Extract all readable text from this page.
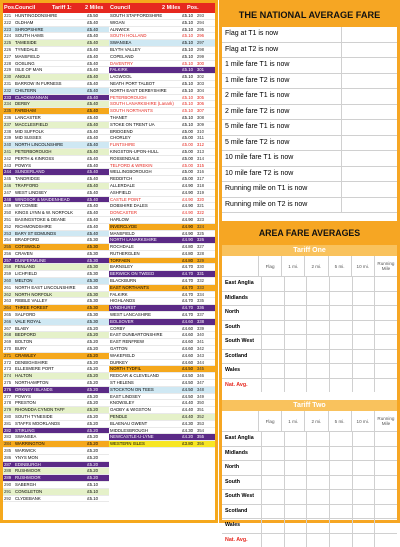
Pos. Council	Tariff 1:	2 Miles	Council	2 Miles	Pos.
221 HUNTINGDONSHIRE	£5.50
222 OLDHAM	£5.40
223 SHROPSHIRE	£5.40
224 SOUTH HAMS	£5.40
225 TAMESIDE	£5.40
226 TYNEDALE	£5.40
227 MANSFIELD	£5.40
228 GOSLING	£5.40
229 ISLE OF MAN	£5.40
230 ANGUS	£5.40
231 BARROW IN FURNESS	£5.40
232 CHILTERN	£5.40
233 CLACKMANNAN	£5.40
234 DERBY	£5.40
235 FAREHAM	£5.40
236 LANCASTER	£5.40
237 MACCLESFIELD	£5.40
238 MID SUFFOLK	£5.40
239 MID SUSSEX	£5.40
240 NORTH LINCOLNSHIRE	£5.40
241 PETERBOROUGH	£5.40
242 PERTH & KINROSS	£5.40
243 POWYS	£5.40
244 SUNDERLAND	£5.40
245 TANDRIDGE	£5.40
246 TRAFFORD	£5.40
247 WEST LINDSEY	£5.40
248 WINDSOR & MAIDENHEAD	£5.40
249 WYCOMBE	£5.40
250 KINGS LYNN & W. NORFOLK	£5.40
251 BASINGSTOKE & DEANE	£5.40
252 RICHMONDSHIRE	£5.40
253 BARY ST EDMUNDS	£5.40
254 BRADFORD	£5.30
255 COTSWOLD	£5.30
256 CRAVEN	£5.30
257 DUNFERMLINE	£5.30
258 FENLAND	£5.30
259 LICHFIELD	£5.30
260 MELTON	£5.30
261 NORTH EAST LINCOLNSHIRE	£5.30
262 NORTH NORFOLK	£5.30
263 RIBBLE VALLEY	£5.30
264 THREE FOREST	£5.30
265 SALFORD	£5.30
266 VALE ROYAL	£5.30
267 BLABY	£5.20
268 BEDFORD	£5.20
269 BOLTON	£5.20
270 BURY	£5.20
271 CRAWLEY	£5.20
272 DENBIGHSHIRE	£5.20
273 ELLESMERE PORT	£5.20
274 HALTON	£5.20
275 NORTHAMPTON	£5.20
276 ORKNEY ISLANDS	£5.20
277 POWYS	£5.20
278 PRESTON	£5.20
279 RHONDDA CYNON TAFF	£5.20
280 SOUTH TYNESIDE	£5.20
281 STAFFS MOORLANDS	£5.20
282 STIRLING	£5.20
283 SWANSEA	£5.20
284 WARRINGTON	£5.20
285 WARWICK	£5.20
286 YNYS MON	£5.20
287 EDINBURGH	£5.20
288 RUSHMOOR	£5.20
289 RUSHMOOR	£5.20
290 SABERGH	£5.10
291 CONGLETON	£5.10
292 CLYDEBANK	£5.10
SOUTH STAFFORDSHIRE	£5.10 293
WIGAN	£5.10 294
ALNWICK	£5.10 295
SOUTH HOLLAND	£5.10 296
SWANSEA	£5.10 297
BLYTH VALLEY	£5.10 298
COPELAND	£5.10 299
DAVENTRY	£5.10 300
FALKIRK	£5.10 301
LAGWOOL	£5.10 302
NEATH PORT TALBOT	£5.10 303
NORTH EAST DERBYSHIRE	£5.10 304
PETERBOROUGH	£5.10 305
SOUTH LANARKSHIRE (Lanark)	£5.10 306
SOUTH NORTHANTS	£5.10 307
THANET	£5.10 308
STOKE ON TRENT UA	£5.10 309
BRIDGEND	£5.00 310
CHORLEY	£5.00 311
FLINTSHIRE	£5.00 312
KINGSTON-UPON-HULL	£5.00 313
ROSSENDALE	£5.00 314
TELFORD & WREKIN	£5.00 315
WELLINGBOROUGH	£5.00 316
REDDITCH	£5.00 317
ALLERDALE	£4.90 318
ASHFIELD	£4.90 319
CASTLE POINT	£4.90 320
DOBSHIRE DALES	£4.90 321
DONCASTER	£4.90 322
HARLOW	£4.90 323
INVERCLYDE	£4.90 324
MANSFIELD	£4.90 325
NORTH LANARKSHIRE	£4.90 326
ROCHDALE	£4.80 327
RUTHERGLEN	£4.80 328
TORFAEN	£4.80 329
BARNSLEY	£4.70 330
BERWICK ON TWEED	£4.70 331
BLACKBURN	£4.70 332
EAST NORTHANTS	£4.70 333
FALKIRK	£4.70 334
HIGHLANDS	£4.70 335
LYNDHURST	£4.70 336
WEST LANCASHIRE	£4.70 337
BOLSOVER	£4.60 338
CORBY	£4.60 339
EAST DUNBARTONSHIRE	£4.60 340
EAST RENFREW	£4.60 341
GATTON	£4.60 342
WAKEFIELD	£4.60 343
DURKEY	£4.60 344
NORTH TYDFIL	£4.50 345
REDCAR & CLEVELAND	£4.50 346
ST HELENS	£4.50 347
STOCKTON ON TEES	£4.50 348
EAST LINDSEY	£4.50 349
KNOWSLEY	£4.40 350
OADBY & WIGSTON	£4.40 351
PENDLE	£4.40 352
BLAENAU GWENT	£4.30 353
MIDDLESBROUGH	£4.30 354
NEWCASTLE-U-LYNE	£4.20 355
WESTERN ISLES	£3.80 356
THE NATIONAL AVERAGE FARE
Flag at T1 is now
Flag at T2 is now
1 mile fare T1 is now
1 mile fare T2 is now
2 mile fare T1 is now
2 mile fare T2 is now
5 mile fare T1 is now
5 mile fare T2 is now
10 mile fare T1 is now
10 mile fare T2 is now
Running mile on T1 is now
Running mile on T2 is now
AREA FARE AVERAGES
Tariff One
Flag	1 mi.	2 mi.	5 mi.	10 mi.	Running Mile
East Anglia
Midlands
North
South
South West
Scotland
Wales
Nat. Avg.
Tariff Two
Flag	1 mi.	2 mi.	5 mi.	10 mi.	Running Mile
East Anglia
Midlands
North
South
South West
Scotland
Wales
Nat. Avg.
